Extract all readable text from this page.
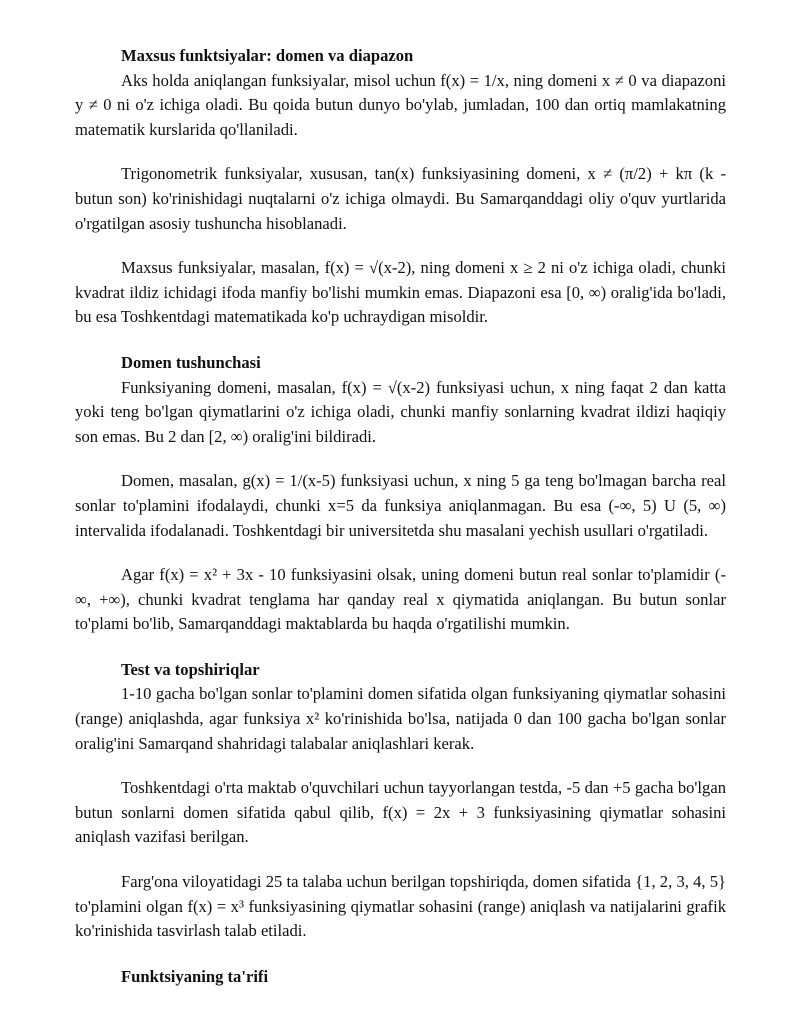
Maxsus funktsiyalar: domen va diapazon

Aks holda aniqlangan funksiyalar, misol uchun f(x) = 1/x, ning domeni x ≠ 0 va diapazoni y ≠ 0 ni o'z ichiga oladi. Bu qoida butun dunyo bo'ylab, jumladan, 100 dan ortiq mamlakatning matematik kurslarida qo'llaniladi.

Trigonometrik funksiyalar, xususan, tan(x) funksiyasining domeni, x ≠ (π/2) + kπ (k - butun son) ko'rinishidagi nuqtalarni o'z ichiga olmaydi. Bu Samarqanddagi oliy o'quv yurtlarida o'rgatilgan asosiy tushuncha hisoblanadi.

Maxsus funksiyalar, masalan, f(x) = √(x-2), ning domeni x ≥ 2 ni o'z ichiga oladi, chunki kvadrat ildiz ichidagi ifoda manfiy bo'lishi mumkin emas. Diapazoni esa [0, ∞) oralig'ida bo'ladi, bu esa Toshkentdagi matematikada ko'p uchraydigan misoldir.

Domen tushunchasi

Funksiyaning domeni, masalan, f(x) = √(x-2) funksiyasi uchun, x ning faqat 2 dan katta yoki teng bo'lgan qiymatlarini o'z ichiga oladi, chunki manfiy sonlarning kvadrat ildizi haqiqiy son emas. Bu 2 dan [2, ∞) oralig'ini bildiradi.

Domen, masalan, g(x) = 1/(x-5) funksiyasi uchun, x ning 5 ga teng bo'lmagan barcha real sonlar to'plamini ifodalaydi, chunki x=5 da funksiya aniqlanmagan. Bu esa (-∞, 5) U (5, ∞) intervalida ifodalanadi. Toshkentdagi bir universitetda shu masalani yechish usullari o'rgatiladi.

Agar f(x) = x² + 3x - 10 funksiyasini olsak, uning domeni butun real sonlar to'plamidir (-∞, +∞), chunki kvadrat tenglama har qanday real x qiymatida aniqlangan. Bu butun sonlar to'plami bo'lib, Samarqanddagi maktablarda bu haqda o'rgatilishi mumkin.

Test va topshiriqlar

1-10 gacha bo'lgan sonlar to'plamini domen sifatida olgan funksiyaning qiymatlar sohasini (range) aniqlashda, agar funksiya x² ko'rinishida bo'lsa, natijada 0 dan 100 gacha bo'lgan sonlar oralig'ini Samarqand shahridagi talabalar aniqlashlari kerak.

Toshkentdagi o'rta maktab o'quvchilari uchun tayyorlangan testda, -5 dan +5 gacha bo'lgan butun sonlarni domen sifatida qabul qilib, f(x) = 2x + 3 funksiyasining qiymatlar sohasini aniqlash vazifasi berilgan.

Farg'ona viloyatidagi 25 ta talaba uchun berilgan topshiriqda, domen sifatida {1, 2, 3, 4, 5} to'plamini olgan f(x) = x³ funksiyasining qiymatlar sohasini (range) aniqlash va natijalarini grafik ko'rinishida tasvirlash talab etiladi.

Funktsiyaning ta'rifi
